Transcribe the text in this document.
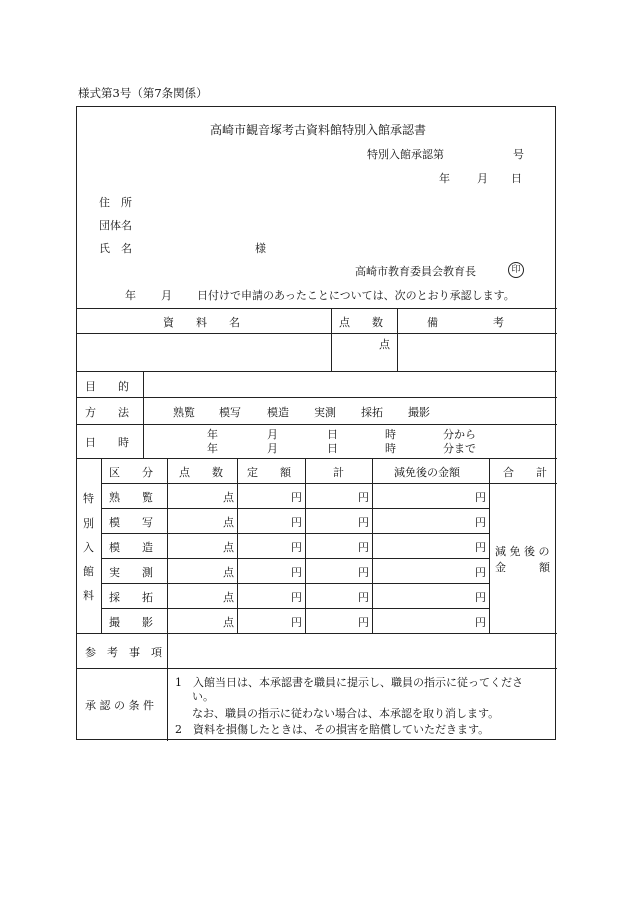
様式第3号（第7条関係）
高崎市観音塚考古資料館特別入館承認書
特別入館承認第	号
年 月 日
住　所
団体名
氏　名	様
高崎市教育委員会教育長	印
年 月 日付けで申請のあったことについては、次のとおり承認します。
資　　料　　名	点　　数	備　　　　　考
点
目　　的
方　　法	熟覧 模写 模造 実測 採拓 撮影
日　　時
年	月	日	時	分から
年	月	日	時	分まで
特
別
入
館
料
区　　分 点　　数 定　　額	計	減免後の金額	合　　計
熟　　覧	点	円	円	円
模　　写	点	円	円	円
模　　造	点	円	円	円
実　　測	点	円	円	円
採　　拓	点	円	円	円
撮　　影	点	円	円	円
減 免 後 の
金　　　額
参　考　事　項
承 認 の 条 件
1　入館当日は、本承認書を職員に提示し、職員の指示に従ってくださ
い。
なお、職員の指示に従わない場合は、本承認を取り消します。
2　資料を損傷したときは、その損害を賠償していただきます。
